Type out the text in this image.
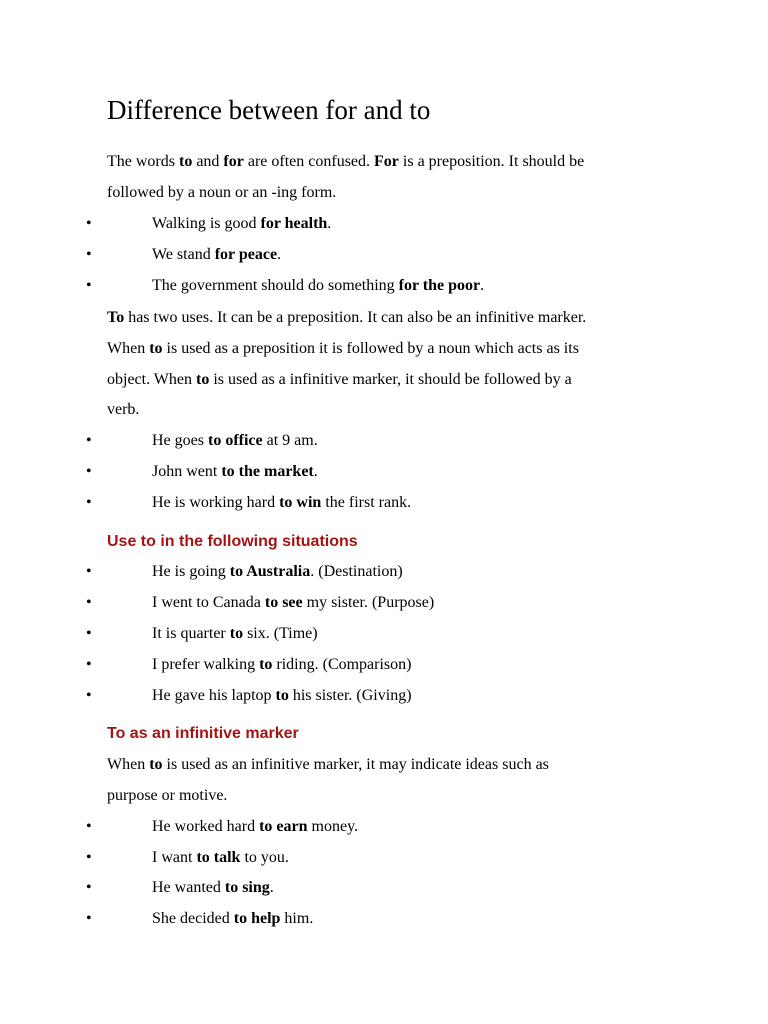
Difference between for and to
The words to and for are often confused. For is a preposition. It should be
followed by a noun or an -ing form.
•	Walking is good for health.
•	We stand for peace.
•	The government should do something for the poor.
To has two uses. It can be a preposition. It can also be an infinitive marker.
When to is used as a preposition it is followed by a noun which acts as its
object. When to is used as a infinitive marker, it should be followed by a
verb.
•	He goes to office at 9 am.
•	John went to the market.
•	He is working hard to win the first rank.
Use to in the following situations
•	He is going to Australia. (Destination)
•	I went to Canada to see my sister. (Purpose)
•	It is quarter to six. (Time)
•	I prefer walking to riding. (Comparison)
•	He gave his laptop to his sister. (Giving)
To as an infinitive marker
When to is used as an infinitive marker, it may indicate ideas such as
purpose or motive.
•	He worked hard to earn money.
•	I want to talk to you.
•	He wanted to sing.
•	She decided to help him.
